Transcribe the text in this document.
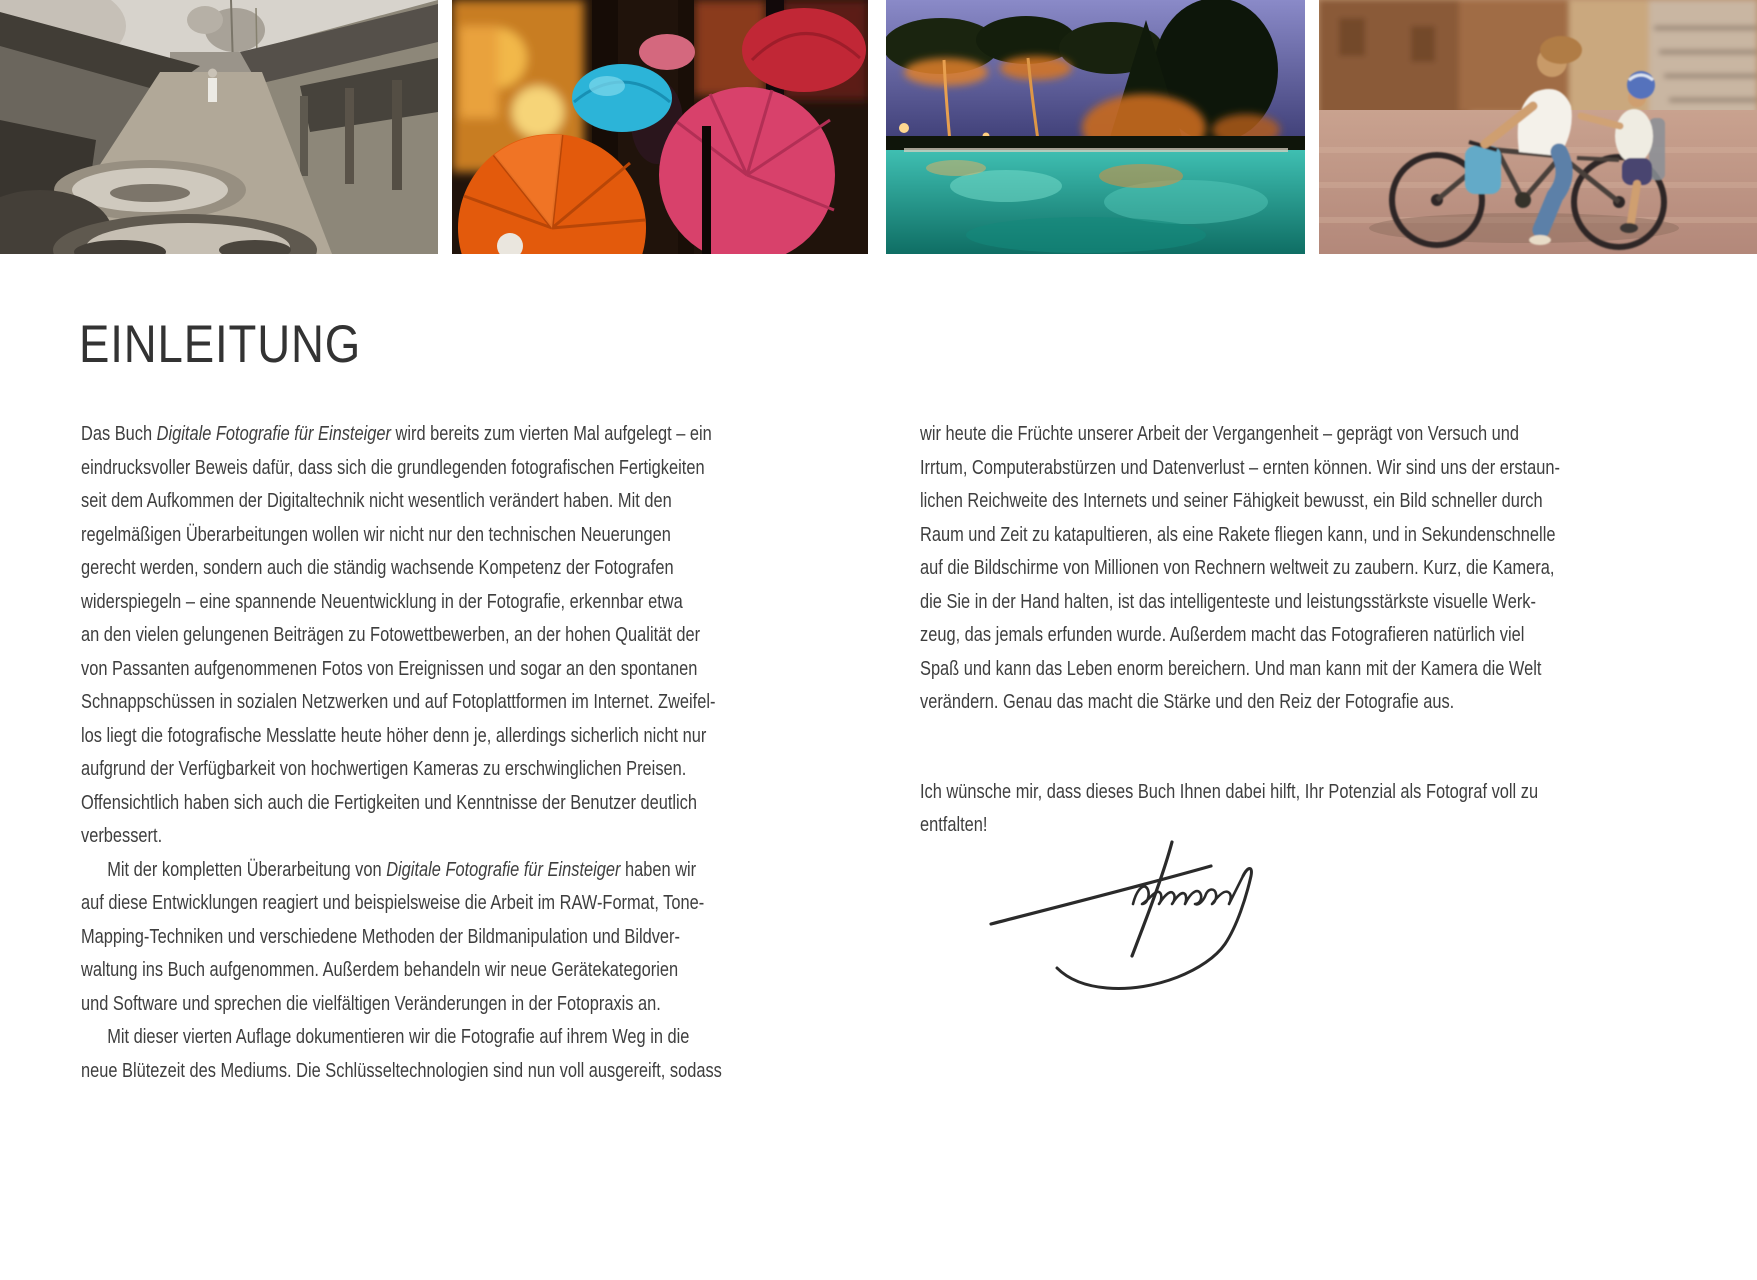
EINLEITUNG
Das Buch Digitale Fotografie für Einsteiger wird bereits zum vierten Mal aufgelegt – ein
eindrucksvoller Beweis dafür, dass sich die grundlegenden fotografischen Fertigkeiten
seit dem Aufkommen der Digitaltechnik nicht wesentlich verändert haben. Mit den
regelmäßigen Überarbeitungen wollen wir nicht nur den technischen Neuerungen
gerecht werden, sondern auch die ständig wachsende Kompetenz der Fotografen
widerspiegeln – eine spannende Neuentwicklung in der Fotografie, erkennbar etwa
an den vielen gelungenen Beiträgen zu Fotowettbewerben, an der hohen Qualität der
von Passanten aufgenommenen Fotos von Ereignissen und sogar an den spontanen
Schnappschüssen in sozialen Netzwerken und auf Fotoplattformen im Internet. Zweifel-
los liegt die fotografische Messlatte heute höher denn je, allerdings sicherlich nicht nur
aufgrund der Verfügbarkeit von hochwertigen Kameras zu erschwinglichen Preisen.
Offensichtlich haben sich auch die Fertigkeiten und Kenntnisse der Benutzer deutlich
verbessert.
Mit der kompletten Überarbeitung von Digitale Fotografie für Einsteiger haben wir
auf diese Entwicklungen reagiert und beispielsweise die Arbeit im RAW-Format, Tone-
Mapping-Techniken und verschiedene Methoden der Bildmanipulation und Bildver-
waltung ins Buch aufgenommen. Außerdem behandeln wir neue Gerätekategorien
und Software und sprechen die vielfältigen Veränderungen in der Fotopraxis an.
Mit dieser vierten Auflage dokumentieren wir die Fotografie auf ihrem Weg in die
neue Blütezeit des Mediums. Die Schlüsseltechnologien sind nun voll ausgereift, sodass
wir heute die Früchte unserer Arbeit der Vergangenheit – geprägt von Versuch und
Irrtum, Computerabstürzen und Datenverlust – ernten können. Wir sind uns der erstaun-
lichen Reichweite des Internets und seiner Fähigkeit bewusst, ein Bild schneller durch
Raum und Zeit zu katapultieren, als eine Rakete fliegen kann, und in Sekundenschnelle
auf die Bildschirme von Millionen von Rechnern weltweit zu zaubern. Kurz, die Kamera,
die Sie in der Hand halten, ist das intelligenteste und leistungsstärkste visuelle Werk-
zeug, das jemals erfunden wurde. Außerdem macht das Fotografieren natürlich viel
Spaß und kann das Leben enorm bereichern. Und man kann mit der Kamera die Welt
verändern. Genau das macht die Stärke und den Reiz der Fotografie aus.
Ich wünsche mir, dass dieses Buch Ihnen dabei hilft, Ihr Potenzial als Fotograf voll zu
entfalten!
